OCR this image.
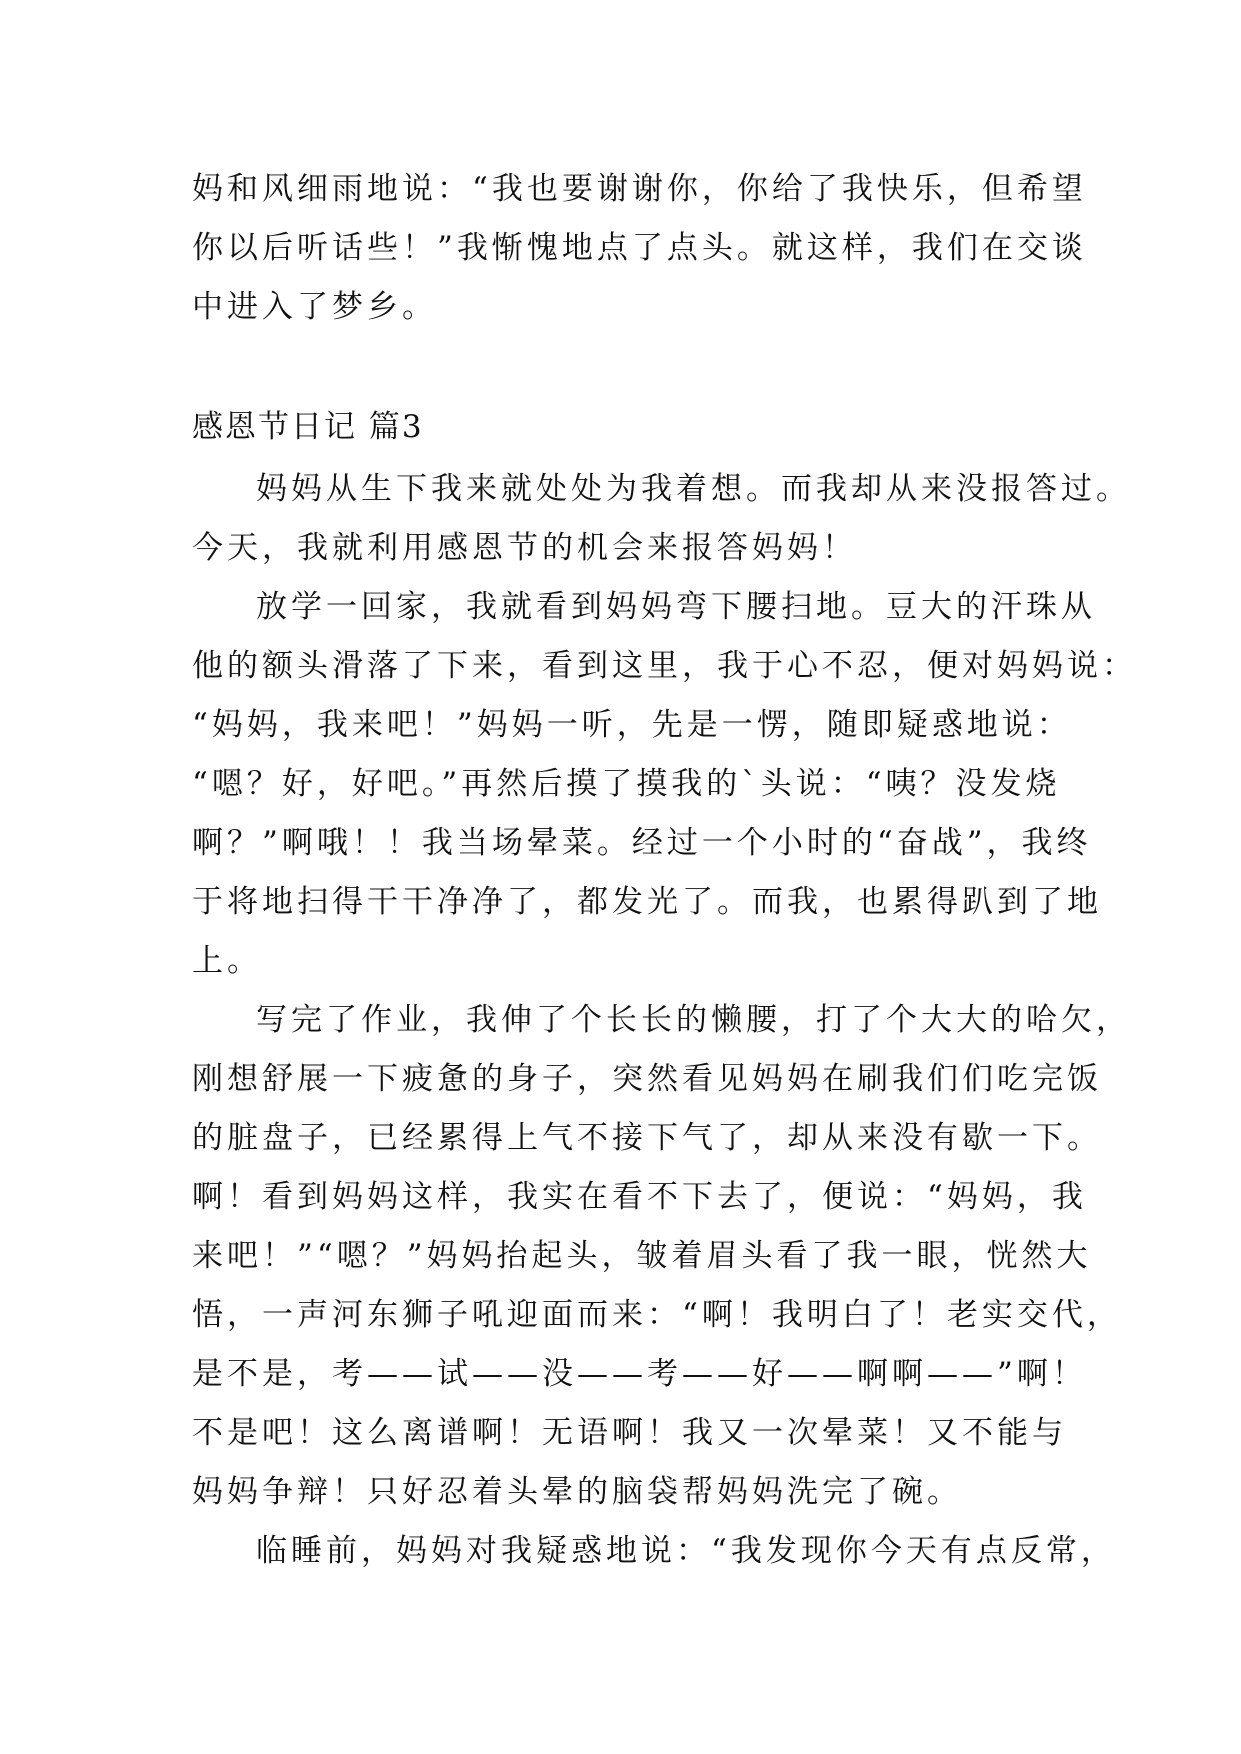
妈和风细雨地说：“我也要谢谢你，你给了我快乐，但希望
你以后听话些！”我惭愧地点了点头。就这样，我们在交谈
中进入了梦乡。
感恩节日记 篇3
妈妈从生下我来就处处为我着想。而我却从来没报答过。
今天，我就利用感恩节的机会来报答妈妈！
放学一回家，我就看到妈妈弯下腰扫地。豆大的汗珠从
他的额头滑落了下来，看到这里，我于心不忍，便对妈妈说：
“妈妈，我来吧！”妈妈一听，先是一愣，随即疑惑地说：
“嗯？好，好吧。”再然后摸了摸我的`头说：“咦？没发烧
啊？”啊哦！！我当场晕菜。经过一个小时的“奋战”，我终
于将地扫得干干净净了，都发光了。而我，也累得趴到了地
上。
写完了作业，我伸了个长长的懒腰，打了个大大的哈欠，
刚想舒展一下疲惫的身子，突然看见妈妈在刷我们们吃完饭
的脏盘子，已经累得上气不接下气了，却从来没有歇一下。
啊！看到妈妈这样，我实在看不下去了，便说：“妈妈，我
来吧！”“嗯？”妈妈抬起头，皱着眉头看了我一眼，恍然大
悟，一声河东狮子吼迎面而来：“啊！我明白了！老实交代，
是不是，考——试——没——考——好——啊啊——”啊！
不是吧！这么离谱啊！无语啊！我又一次晕菜！又不能与
妈妈争辩！只好忍着头晕的脑袋帮妈妈洗完了碗。
临睡前，妈妈对我疑惑地说：“我发现你今天有点反常，
